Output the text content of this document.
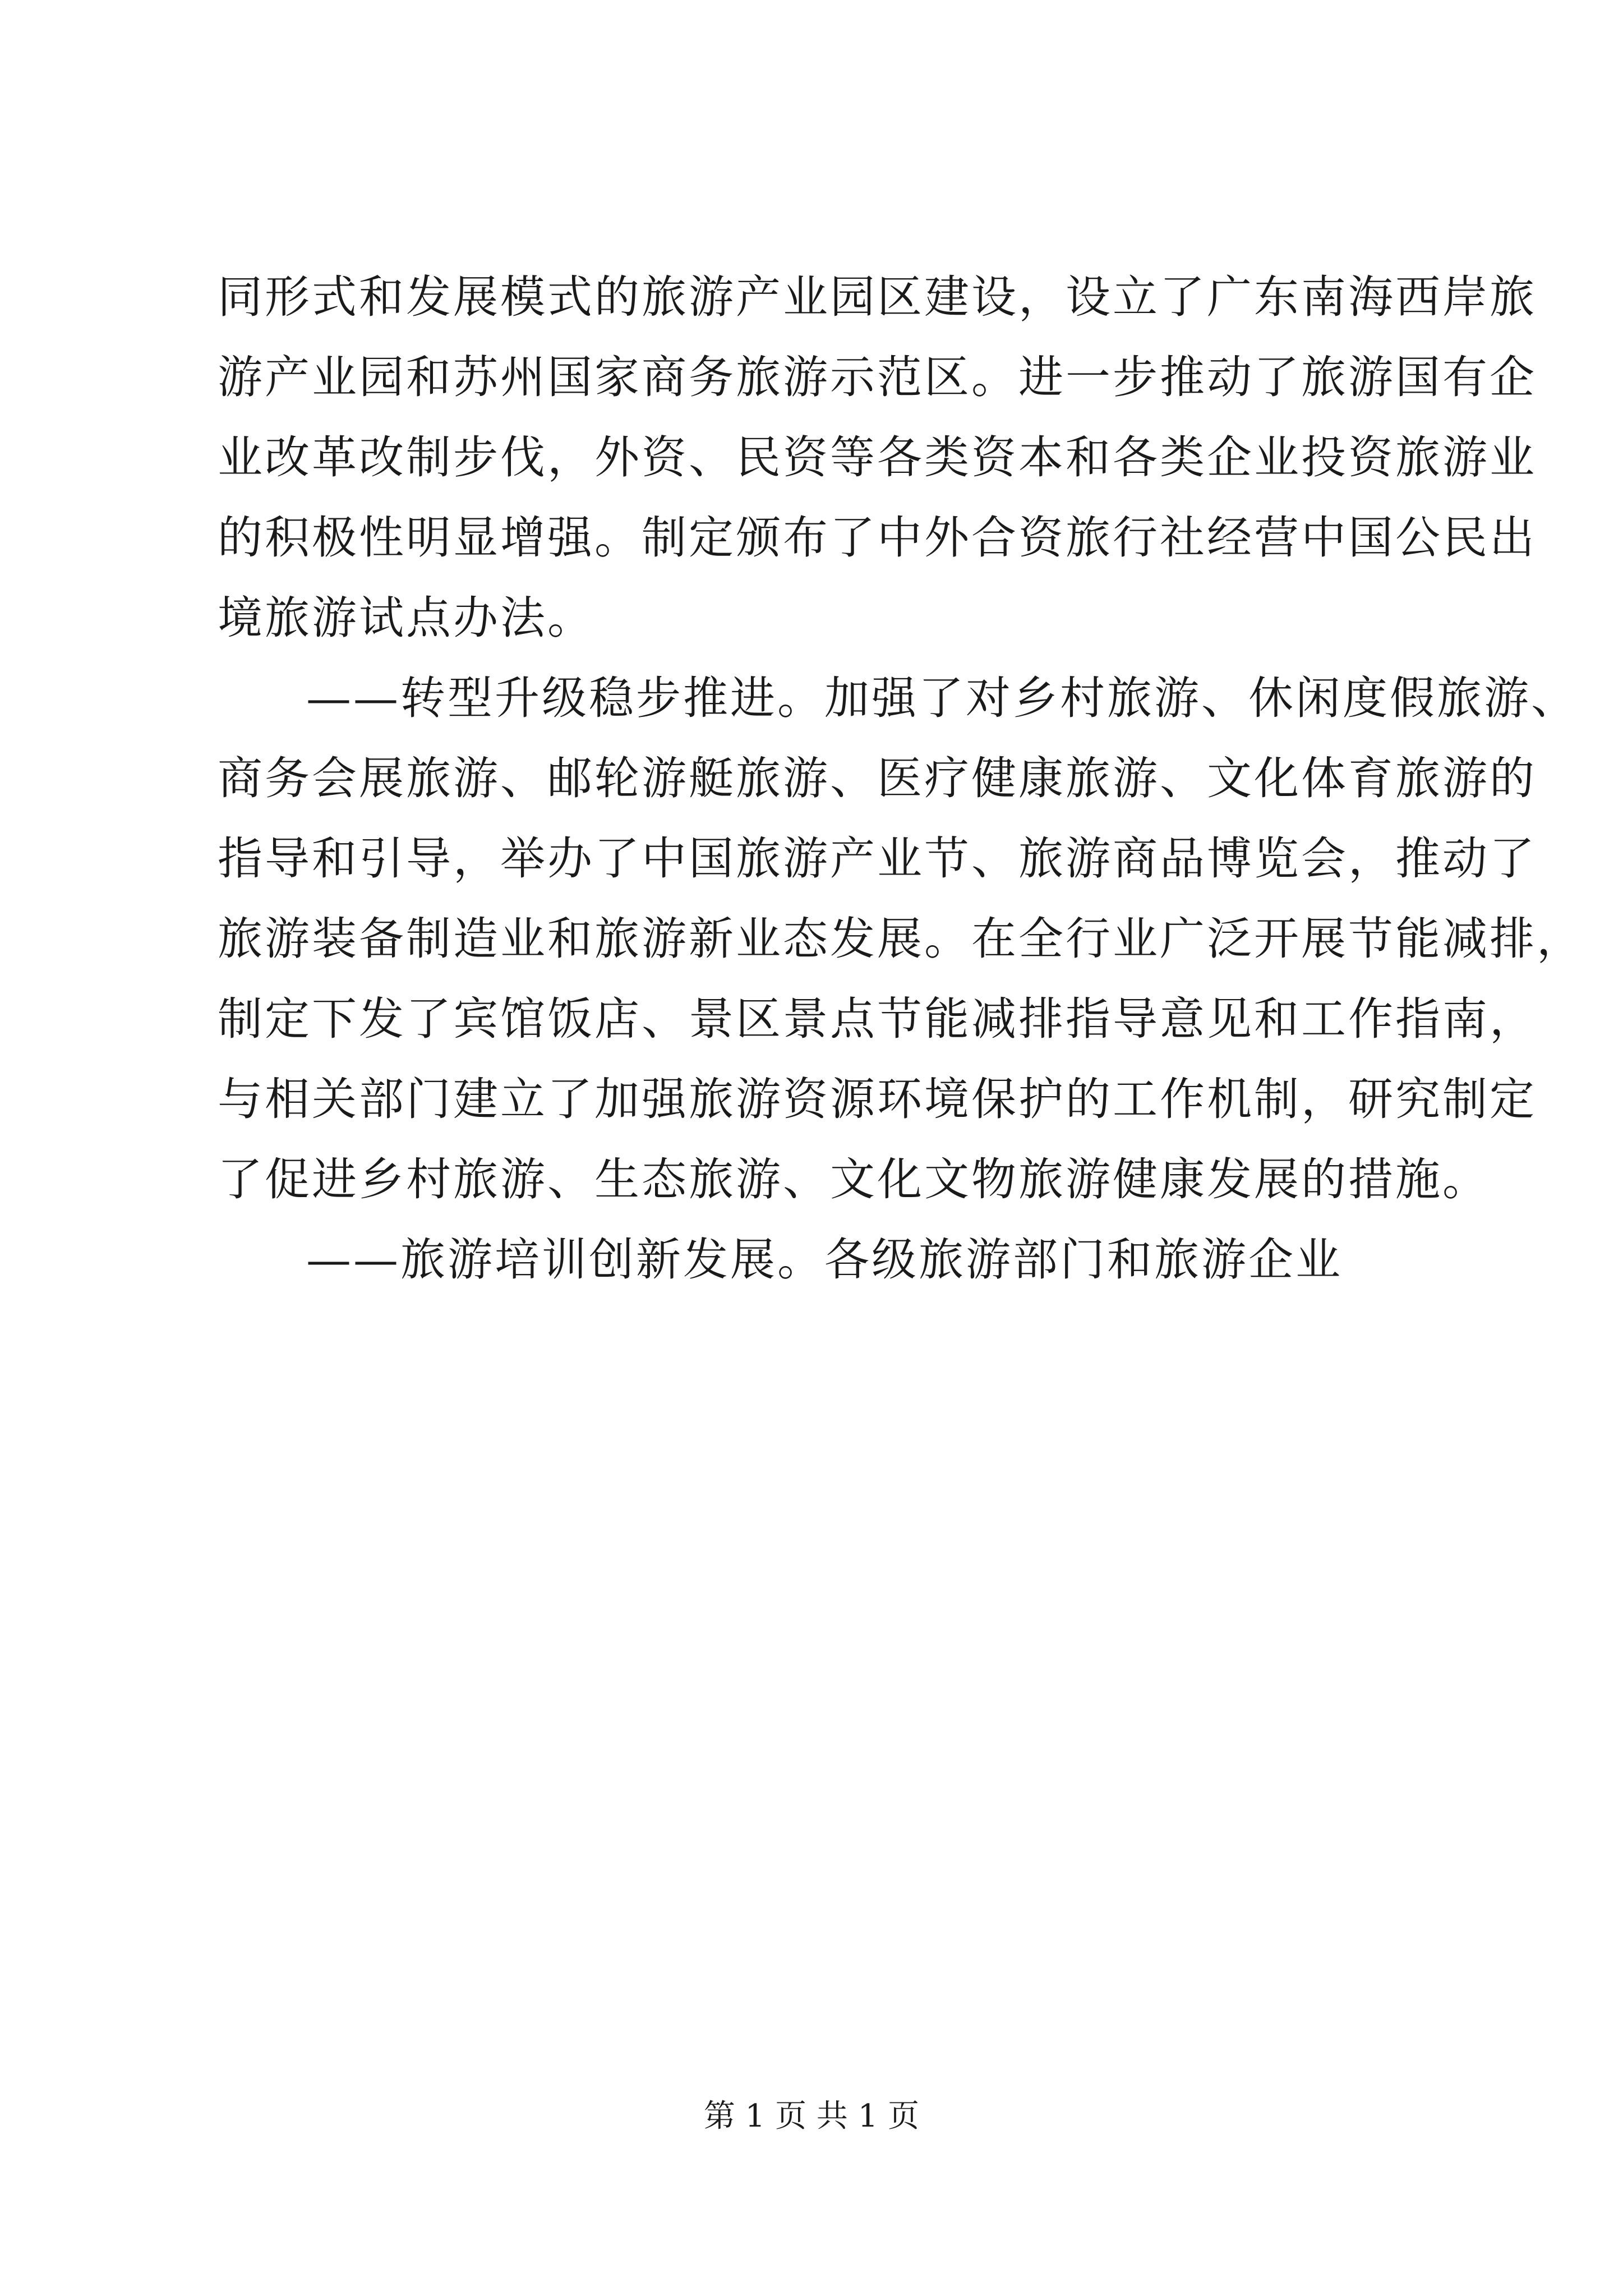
同形式和发展模式的旅游产业园区建设，设立了广东南海西岸旅
游产业园和苏州国家商务旅游示范区。进一步推动了旅游国有企
业改革改制步伐，外资、民资等各类资本和各类企业投资旅游业
的积极性明显增强。制定颁布了中外合资旅行社经营中国公民出
境旅游试点办法。
——转型升级稳步推进。加强了对乡村旅游、休闲度假旅游、
商务会展旅游、邮轮游艇旅游、医疗健康旅游、文化体育旅游的
指导和引导，举办了中国旅游产业节、旅游商品博览会，推动了
旅游装备制造业和旅游新业态发展。在全行业广泛开展节能减排，
制定下发了宾馆饭店、景区景点节能减排指导意见和工作指南，
与相关部门建立了加强旅游资源环境保护的工作机制，研究制定
了促进乡村旅游、生态旅游、文化文物旅游健康发展的措施。
——旅游培训创新发展。各级旅游部门和旅游企业
第 1 页 共 1 页
